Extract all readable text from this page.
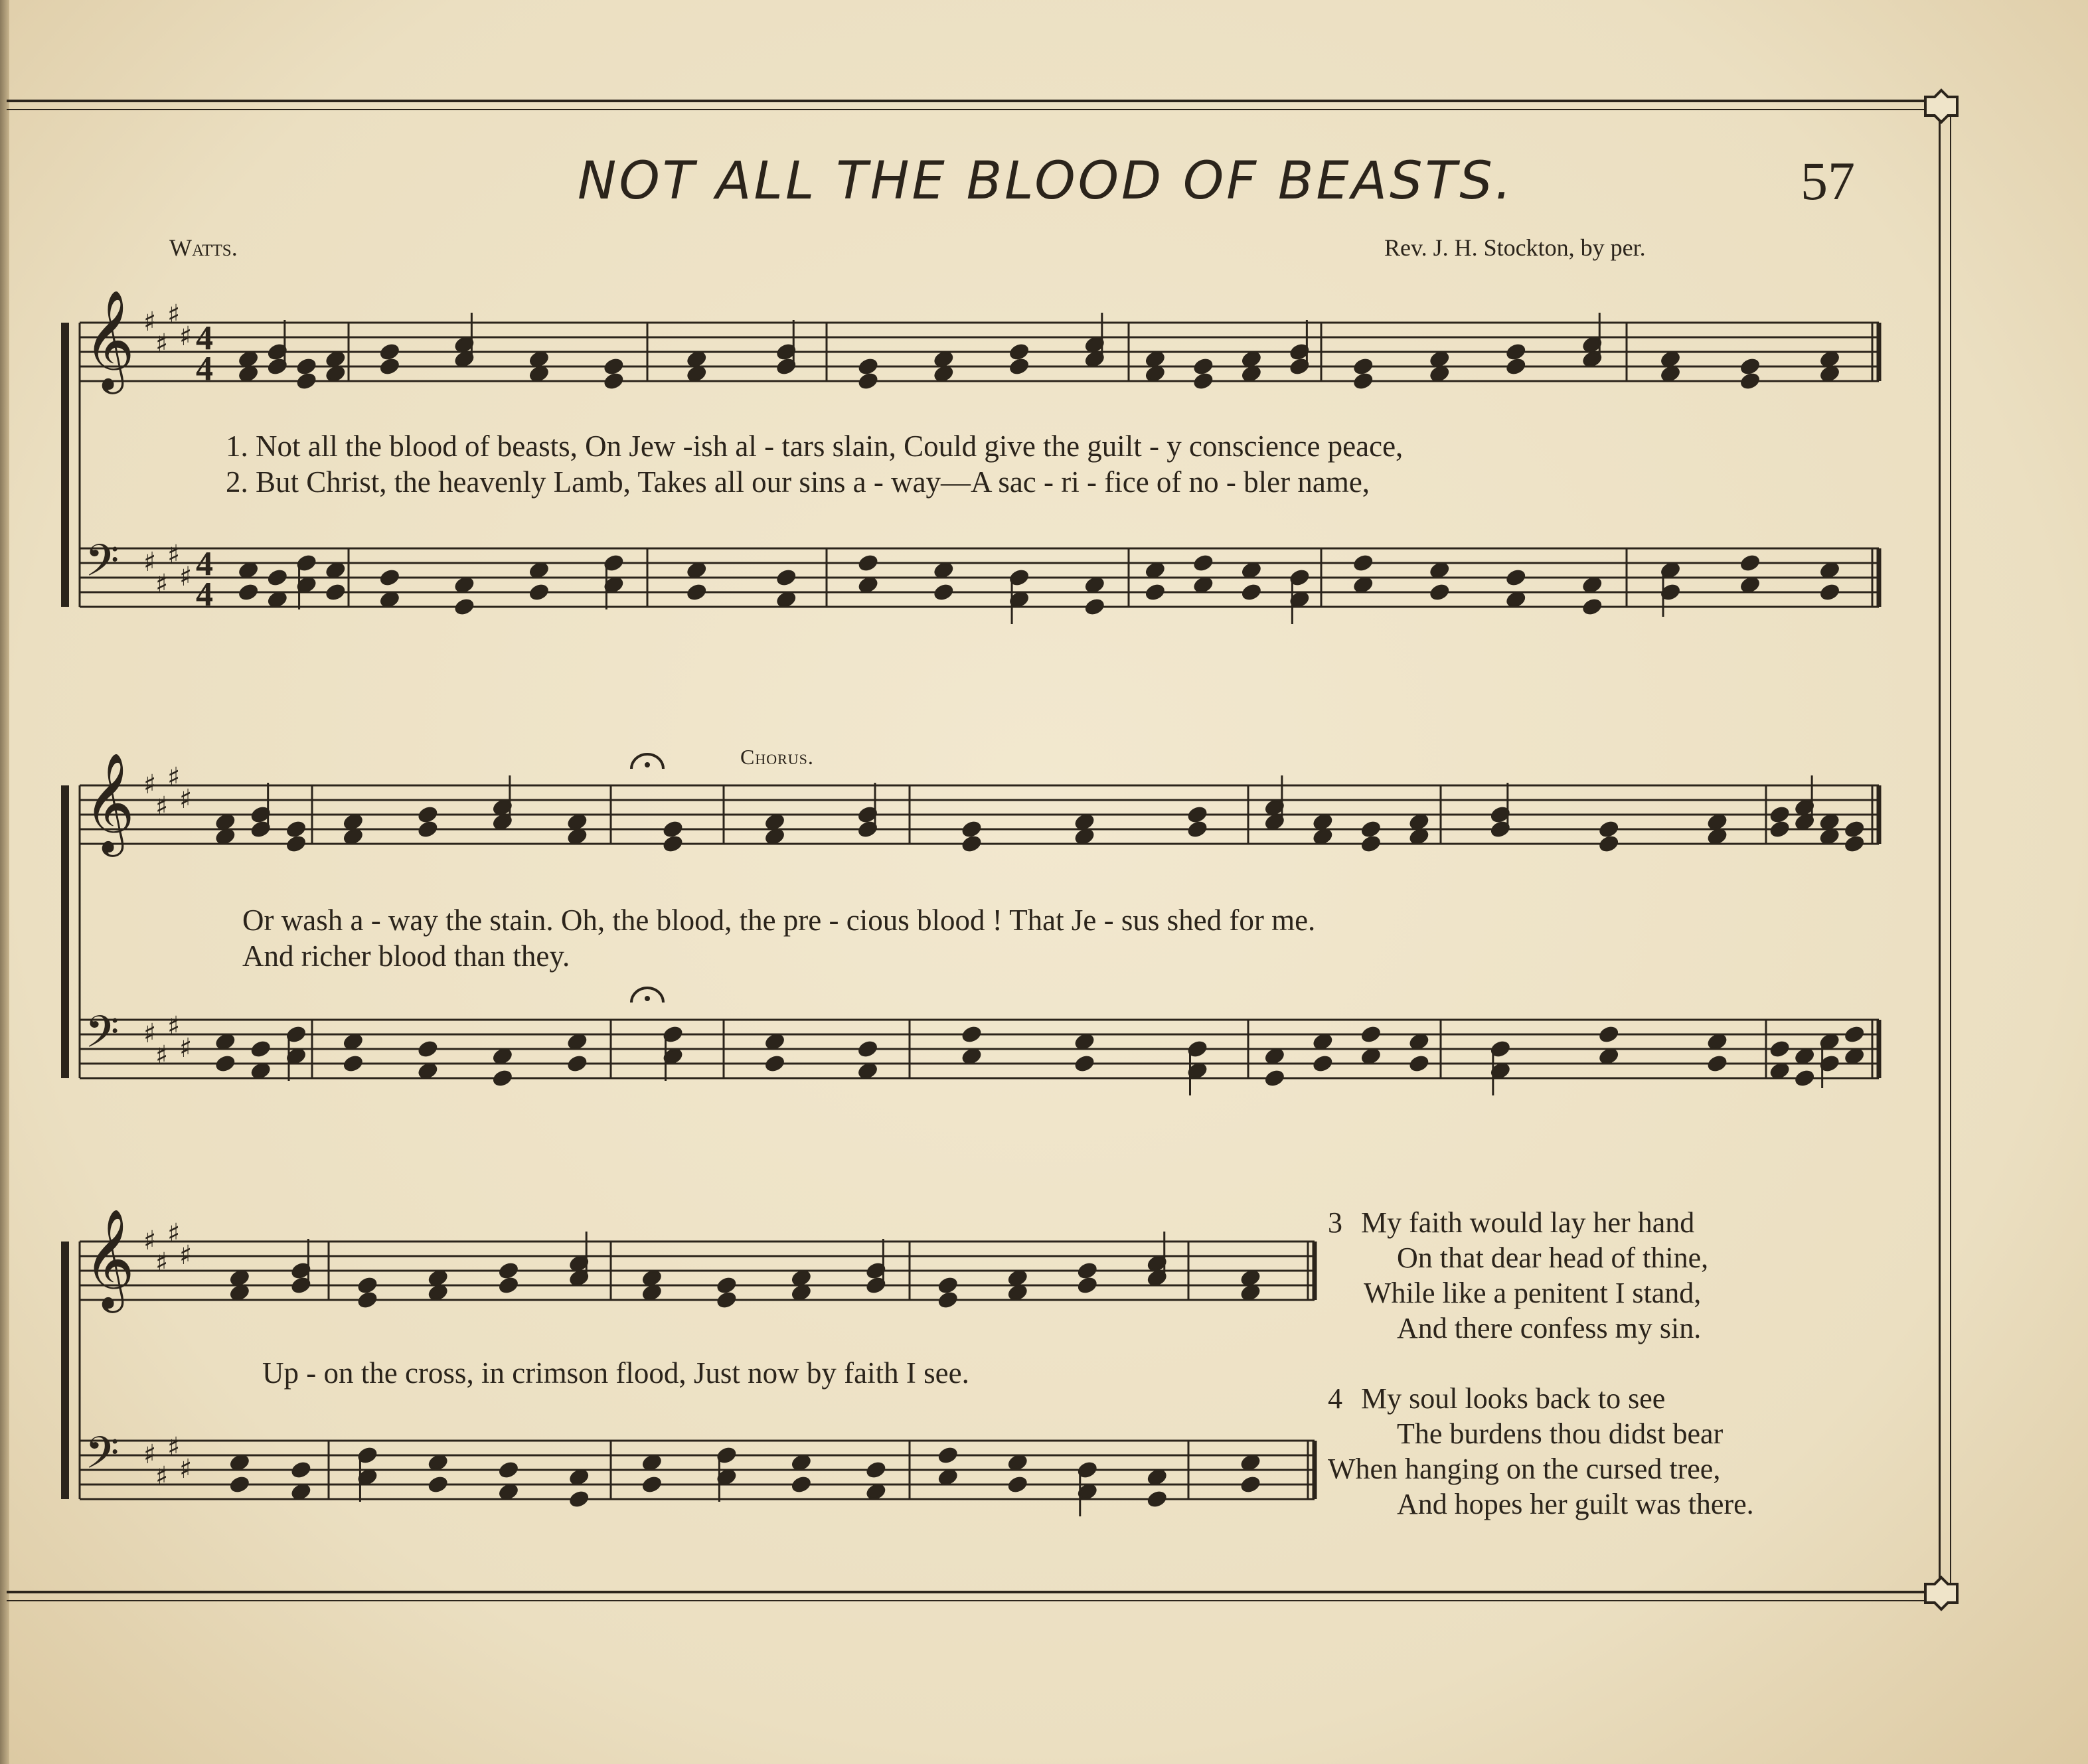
NOT ALL THE BLOOD OF BEASTS.	57
Watts.	Rev. J. H. Stockton, by per.
𝄞
𝄢
♯
♯
♯
♯
♯
♯
♯
♯
4
4
4
4
𝄞
𝄢
♯
♯
♯
♯
♯
♯
♯
♯
𝄞
𝄢
♯
♯
♯
♯
♯
♯
♯
♯
1. Not all the blood of beasts, On Jew -ish al - tars slain, Could give the guilt - y conscience peace,
2. But Christ, the heavenly Lamb, Takes all our sins a - way—A sac - ri - fice of no - bler name,
Chorus.
Or wash a - way the stain. Oh, the blood, the pre - cious blood ! That Je - sus shed for me.
And richer blood than they.
Up - on the cross, in crimson flood, Just now by faith I see.
3 My faith would lay her hand
On that dear head of thine,
While like a penitent I stand,
And there confess my sin.
4 My soul looks back to see
The burdens thou didst bear
When hanging on the cursed tree,
And hopes her guilt was there.
